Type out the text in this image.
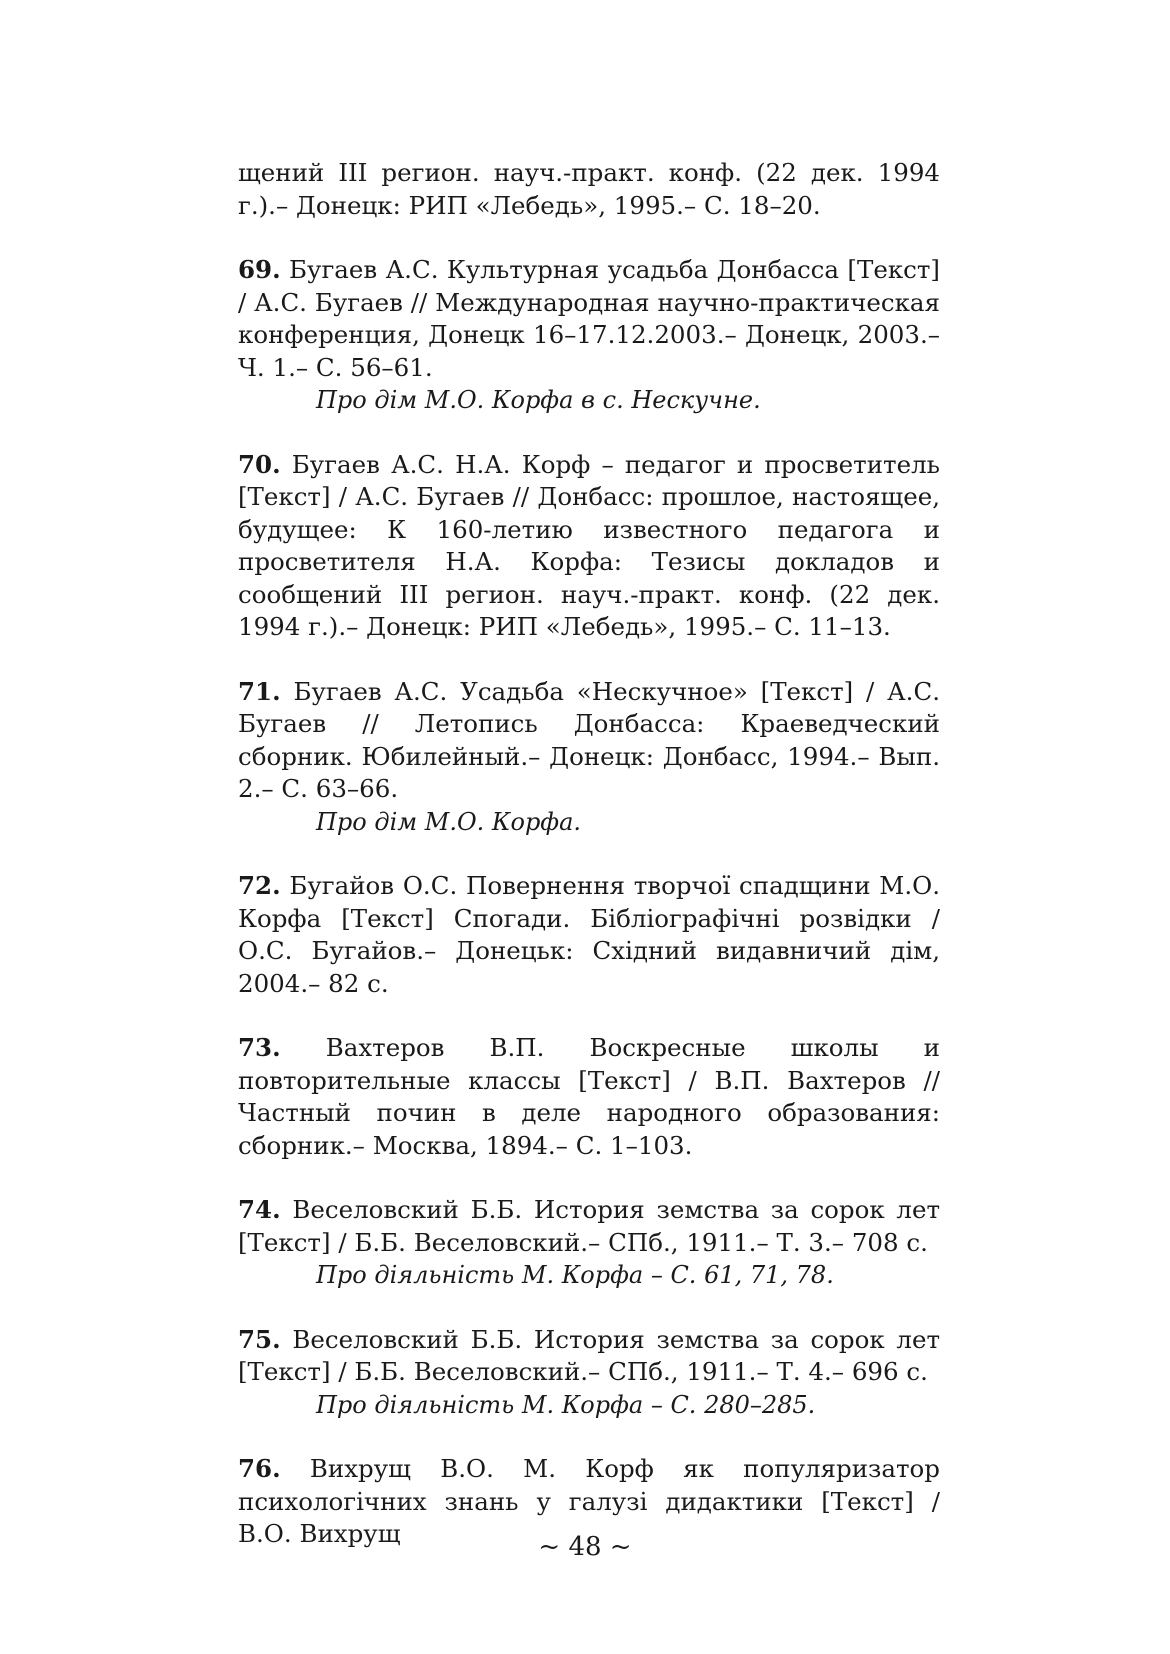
щений III регион. науч.-практ. конф. (22 дек. 1994 г.).– Донецк: РИП «Лебедь», 1995.– С. 18–20.

69. Бугаев А.С. Культурная усадьба Донбасса [Текст] / А.С. Бугаев // Международная научно-практическая конференция, Донецк 16–17.12.2003.– Донецк, 2003.– Ч. 1.– С. 56–61.

Про дім М.О. Корфа в с. Нескучне.

70. Бугаев А.С. Н.А. Корф – педагог и просветитель [Текст] / А.С. Бугаев // Донбасс: прошлое, настоящее, будущее: К 160-летию известного педагога и просветителя Н.А. Корфа: Тезисы докладов и сообщений III регион. науч.-практ. конф. (22 дек. 1994 г.).– Донецк: РИП «Лебедь», 1995.– С. 11–13.

71. Бугаев А.С. Усадьба «Нескучное» [Текст] / А.С. Бугаев // Летопись Донбасса: Краеведческий сборник. Юбилейный.– Донецк: Донбасс, 1994.– Вып. 2.– С. 63–66.

Про дім М.О. Корфа.

72. Бугайов О.С. Повернення творчої спадщини М.О. Корфа [Текст] Спогади. Бібліографічні розвідки / О.С. Бугайов.– Донецьк: Східний видавничий дім, 2004.– 82 с.

73. Вахтеров В.П. Воскресные школы и повторительные классы [Текст] / В.П. Вахтеров // Частный почин в деле народного образования: сборник.– Москва, 1894.– С. 1–103.

74. Веселовский Б.Б. История земства за сорок лет [Текст] / Б.Б. Веселовский.– СПб., 1911.– Т. 3.– 708 с.

Про діяльність М. Корфа – С. 61, 71, 78.

75. Веселовский Б.Б. История земства за сорок лет [Текст] / Б.Б. Веселовский.– СПб., 1911.– Т. 4.– 696 с.

Про діяльність М. Корфа – С. 280–285.

76. Вихрущ В.О. М. Корф як популяризатор психологічних знань у галузі дидактики [Текст] / В.О. Вихрущ	~ 48 ~
